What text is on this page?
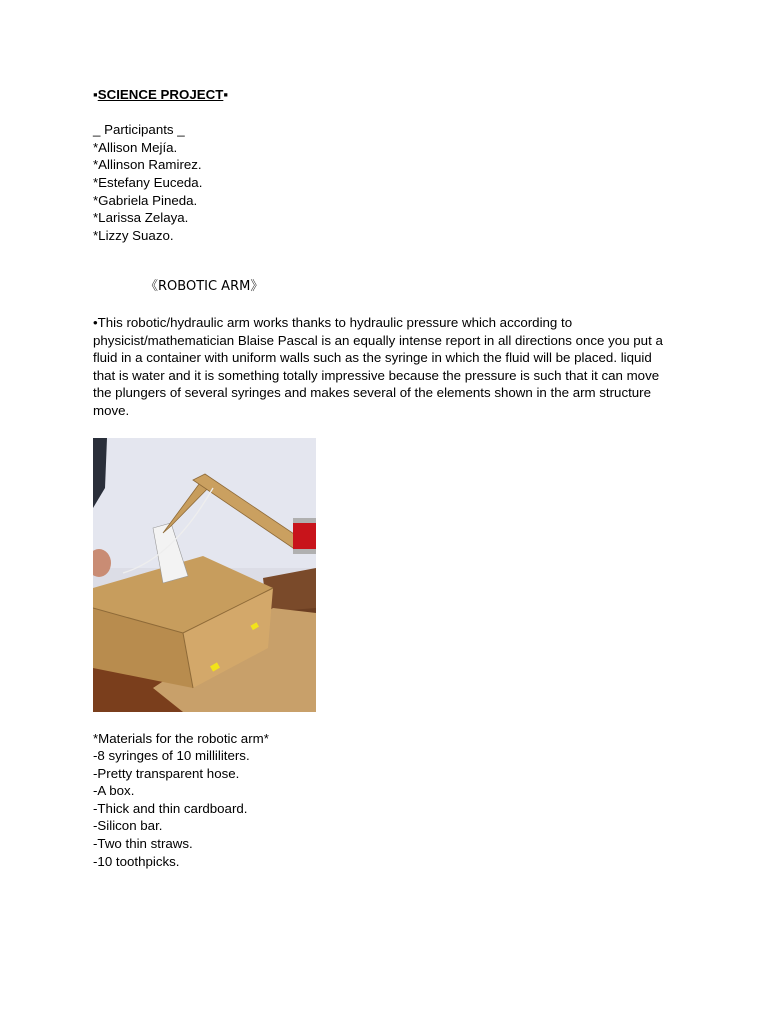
▪SCIENCE PROJECT▪

_ Participants _
*Allison Mejía.
*Allinson Ramirez.
*Estefany Euceda.
*Gabriela Pineda.
*Larissa Zelaya.
*Lizzy Suazo.
《ROBOTIC ARM》

•This robotic/hydraulic arm works thanks to hydraulic pressure which according to physicist/mathematician Blaise Pascal is an equally intense report in all directions once you put a fluid in a container with uniform walls such as the syringe in which the fluid will be placed. liquid that is water and it is something totally impressive because the pressure is such that it can move the plungers of several syringes and makes several of the elements shown in the arm structure move.

*Materials for the robotic arm*
-8 syringes of 10 milliliters.
-Pretty transparent hose.
-A box.
-Thick and thin cardboard.
-Silicon bar.
-Two thin straws.
-10 toothpicks.
